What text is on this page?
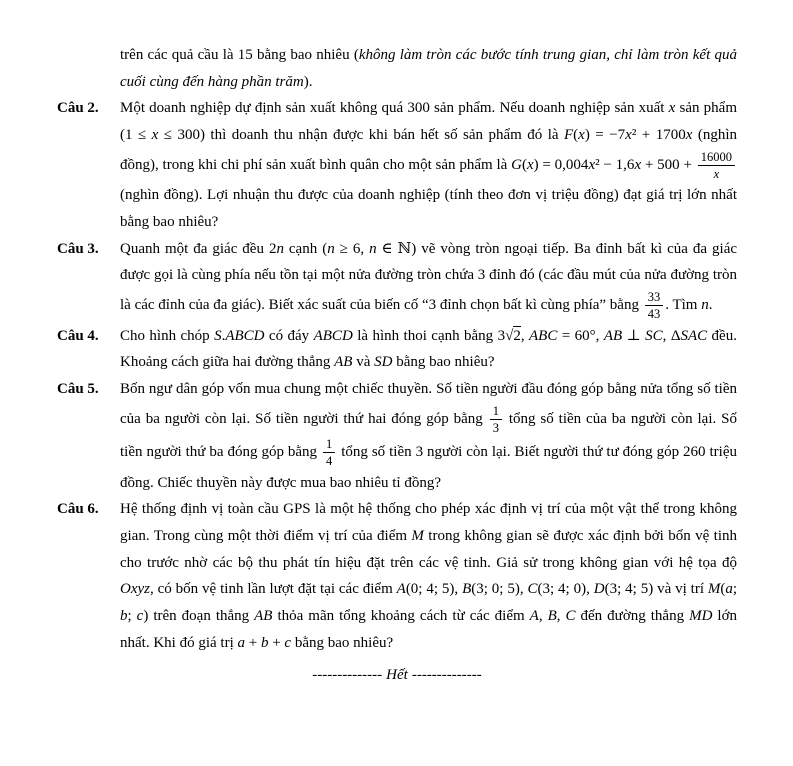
trên các quả cầu là 15 bằng bao nhiêu (không làm tròn các bước tính trung gian, chỉ làm tròn kết quả cuối cùng đến hàng phần trăm).
Câu 2.	Một doanh nghiệp dự định sản xuất không quá 300 sản phẩm. Nếu doanh nghiệp sản xuất x sản phẩm (1 ≤ x ≤ 300) thì doanh thu nhận được khi bán hết số sản phẩm đó là F(x) = −7x² + 1700x (nghìn đồng), trong khi chi phí sản xuất bình quân cho một sản phẩm là $G(x) = 0,004x^2 - 1,6x + 500 + \frac{16000}{x}$
(nghìn đồng). Lợi nhuận thu được của doanh nghiệp (tính theo đơn vị triệu đồng) đạt giá trị lớn nhất bằng bao nhiêu?
Câu 3.	Quanh một đa giác đều 2n cạnh (n ≥ 6, n ∈ ℕ) vẽ vòng tròn ngoại tiếp. Ba đỉnh bất kì của đa giác được gọi là cùng phía nếu tồn tại một nửa đường tròn chứa 3 đỉnh đó (các đầu mút của nửa đường tròn là các đỉnh của đa giác). Biết xác suất của biến cố “3 đỉnh chọn bất kì cùng phía” bằng $\frac{33}{43}$ . Tìm n.
Câu 4.	Cho hình chóp S.ABCD có đáy ABCD là hình thoi cạnh bằng 3√2, ABC = 60°, AB ⊥ SC, ΔSAC đều. Khoảng cách giữa hai đường thẳng AB và SD bằng bao nhiêu?
Câu 5.	Bốn ngư dân góp vốn mua chung một chiếc thuyền. Số tiền người đầu đóng góp bằng nửa tổng số tiền của ba người còn lại. Số tiền người thứ hai đóng góp bằng $\frac{1}{3}$ tổng số tiền của ba người còn lại. Số tiền người thứ ba đóng góp bằng $\frac{1}{4}$ tổng số tiền 3 người còn lại. Biết người thứ tư đóng góp 260 triệu đồng. Chiếc thuyền này được mua bao nhiêu tỉ đồng?
Câu 6.	Hệ thống định vị toàn cầu GPS là một hệ thống cho phép xác định vị trí của một vật thể trong không gian. Trong cùng một thời điểm vị trí của điểm M trong không gian sẽ được xác định bởi bốn vệ tinh cho trước nhờ các bộ thu phát tín hiệu đặt trên các vệ tinh. Giả sử trong không gian với hệ tọa độ Oxyz, có bốn vệ tinh lần lượt đặt tại các điểm A(0; 4; 5), B(3; 0; 5), C(3; 4; 0), D(3; 4; 5) và vị trí M(a; b; c) trên đoạn thẳng AB thỏa mãn tổng khoảng cách từ các điểm A, B, C đến đường thẳng MD lớn nhất. Khi đó giá trị a + b + c bằng bao nhiêu?
-------------- Hết --------------
